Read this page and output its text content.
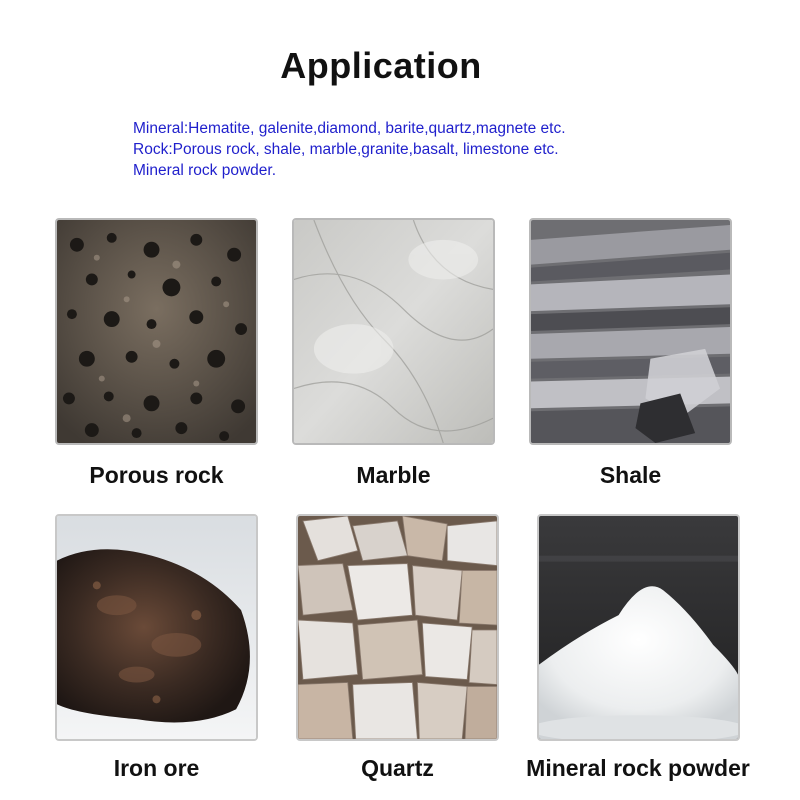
Application
Mineral:Hematite, galenite,diamond, barite,quartz,magnete etc.
Rock:Porous rock, shale, marble,granite,basalt, limestone etc.
Mineral rock powder.
Porous rock	Marble	Shale
Iron ore	Quartz	Mineral rock powder
